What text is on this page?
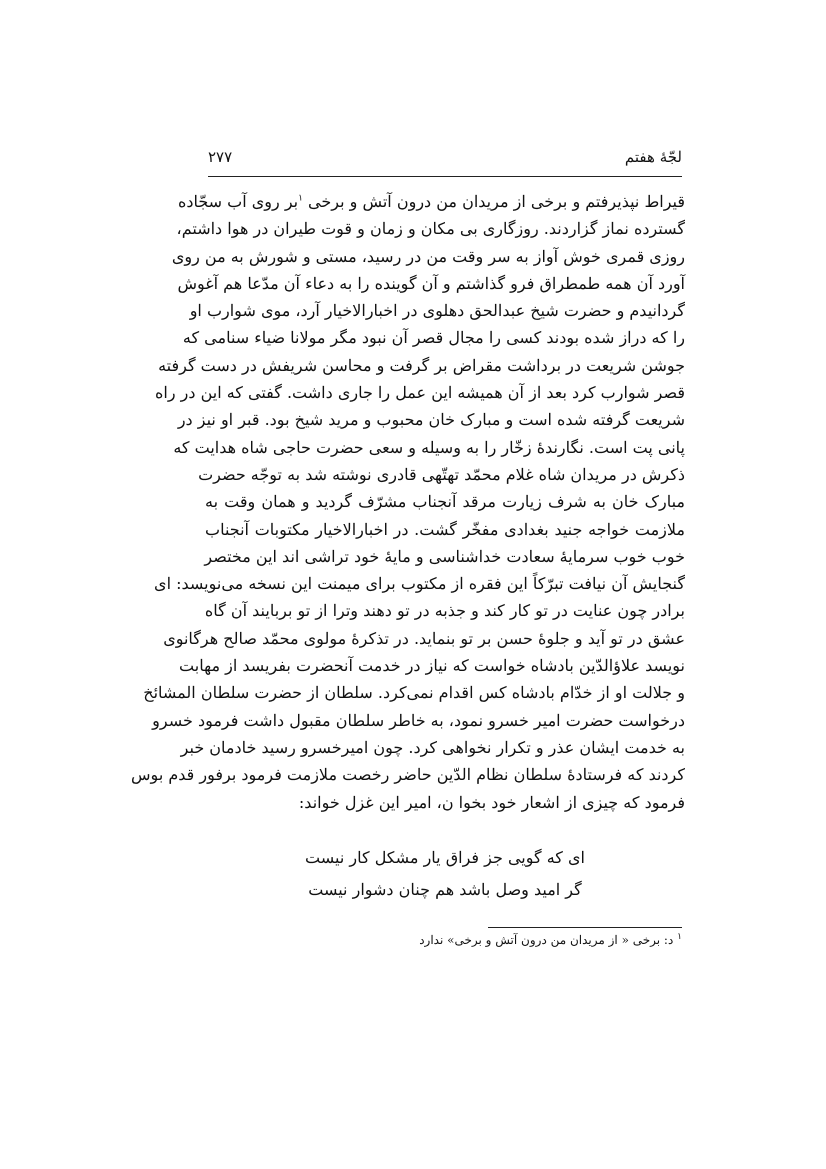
لجّۀ هفتم
۲۷۷
قیراط نپذیرفتم و برخی از مریدان من درون آتش و برخی $^۱$بر روی آب سجّاده
گسترده نماز گزاردند. روزگاری بی مکان و زمان و قوت طیران در هوا داشتم،
روزی قمری خوش آواز به سر وقت من در رسید، مستی و شورش به من روی
آورد آن همه طمطراق فرو گذاشتم و آن گوینده را به دعاء آن مدّعا هم آغوش
گردانیدم و حضرت شیخ عبدالحق دهلوی در اخبارالاخیار آرد، موی شوارب او
را که دراز شده بودند کسی را مجال قصر آن نبود مگر مولانا ضیاء سنامی که
جوشن شریعت در برداشت مقراض بر گرفت و محاسن شریفش در دست گرفته
قصر شوارب کرد بعد از آن همیشه این عمل را جاری داشت. گفتی که این در راه
شریعت گرفته شده است و مبارک خان محبوب و مرید شیخ بود. قبر او نیز در
پانی پت است. نگارندۀ زخّار را به وسیله و سعی حضرت حاجی شاه هدایت که
ذکرش در مریدان شاه غلام محمّد تهتّهی قادری نوشته شد به توجّه حضرت
مبارک خان به شرف زیارت مرقد آنجناب مشرّف گردید و همان وقت به
ملازمت خواجه جنید بغدادی مفخّر گشت. در اخبارالاخیار مکتوبات آنجناب
خوب خوب سرمایۀ سعادت خداشناسی و مایۀ خود تراشی اند این مختصر
گنجایش آن نیافت تبرّکاً این فقره از مکتوب برای میمنت این نسخه می‌نویسد: ای
برادر چون عنایت در تو کار کند و جذبه در تو دهند وترا از تو بربایند آن گاه
عشق در تو آید و جلوۀ حسن بر تو بنماید. در تذکرۀ مولوی محمّد صالح هرگانوی
نویسد علاؤالدّین بادشاه خواست که نیاز در خدمت آنحضرت بفریسد از مهابت
و جلالت او از خدّام بادشاه کس اقدام نمی‌کرد. سلطان از حضرت سلطان المشائخ
درخواست حضرت امیر خسرو نمود، به خاطر سلطان مقبول داشت فرمود خسرو
به خدمت ایشان عذر و تکرار نخواهی کرد. چون امیرخسرو رسید خادمان خبر
کردند که فرستادۀ سلطان نظام الدّین حاضر رخصت ملازمت فرمود برفور قدم بوس
فرمود که چیزی از اشعار خود بخوا ن، امیر این غزل خواند:
ای که گویی جز فراق یار مشکل کار نیست
گر امید وصل باشد هم چنان دشوار نیست
$^۱$ د: برخی « از مریدان من درون آتش و برخی» ندارد
